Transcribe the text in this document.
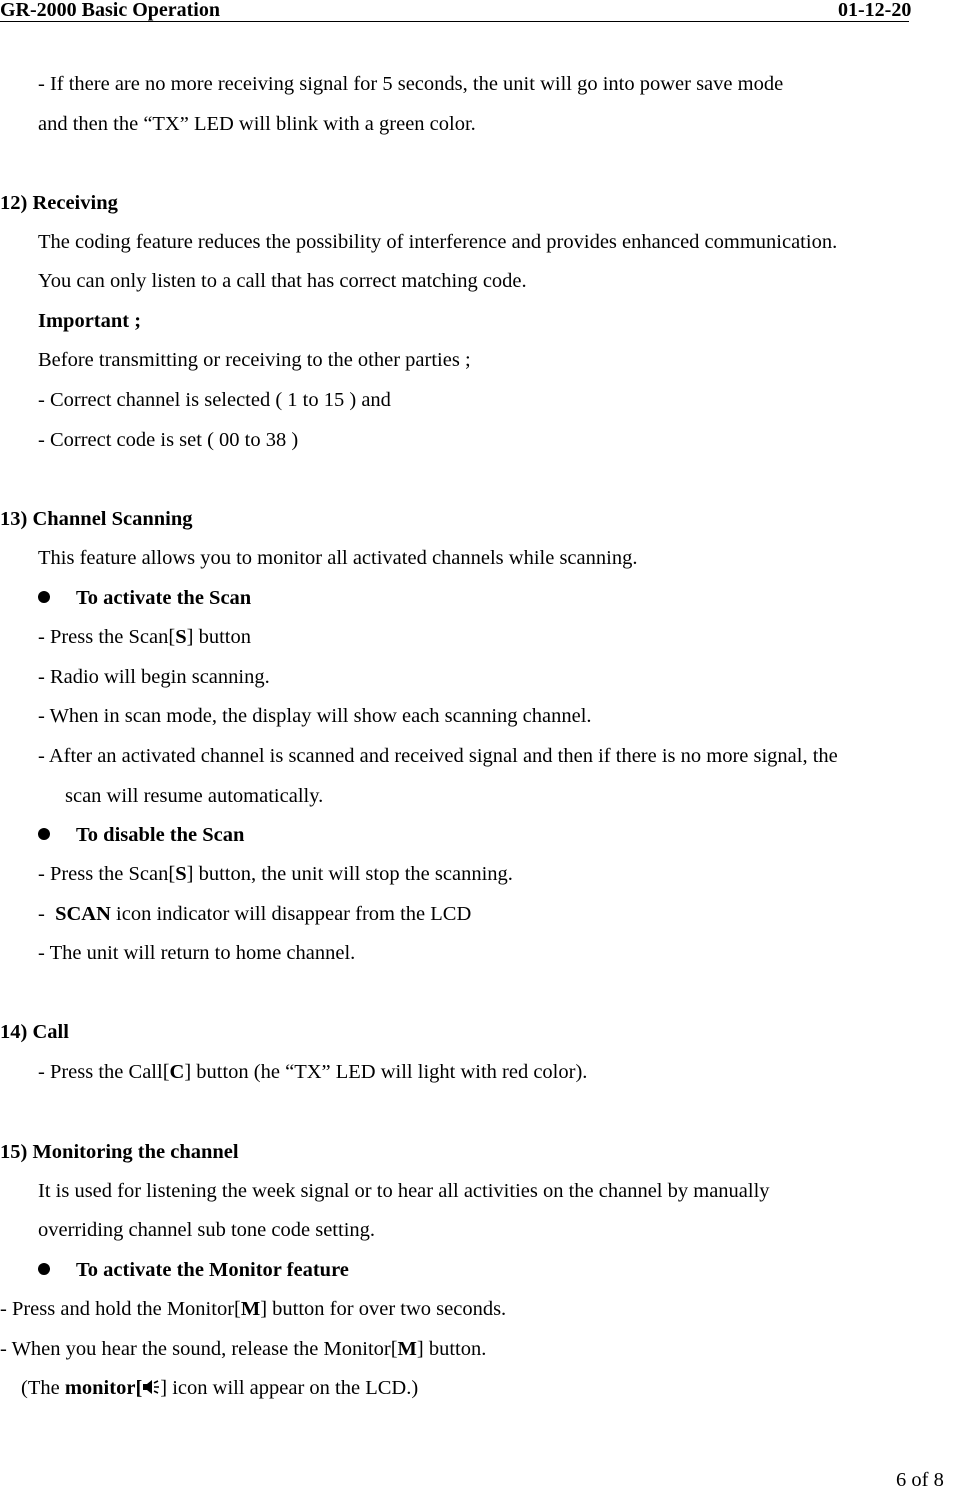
GR-2000 Basic Operation	01-12-20
- If there are no more receiving signal for 5 seconds, the unit will go into power save mode
and then the “TX” LED will blink with a green color.
12) Receiving
The coding feature reduces the possibility of interference and provides enhanced communication.
You can only listen to a call that has correct matching code.
Important ;
Before transmitting or receiving to the other parties ;
- Correct channel is selected ( 1 to 15 ) and
- Correct code is set ( 00 to 38 )
13) Channel Scanning
This feature allows you to monitor all activated channels while scanning.
To activate the Scan
- Press the Scan[S] button
- Radio will begin scanning.
- When in scan mode, the display will show each scanning channel.
- After an activated channel is scanned and received signal and then if there is no more signal, the
scan will resume automatically.
To disable the Scan
- Press the Scan[S] button, the unit will stop the scanning.
-  SCAN icon indicator will disappear from the LCD
- The unit will return to home channel.
14) Call
- Press the Call[C] button (he “TX” LED will light with red color).
15) Monitoring the channel
It is used for listening the week signal or to hear all activities on the channel by manually
overriding channel sub tone code setting.
To activate the Monitor feature
- Press and hold the Monitor[M] button for over two seconds.
- When you hear the sound, release the Monitor[M] button.
(The monitor[ ] icon will appear on the LCD.)
6 of 8
